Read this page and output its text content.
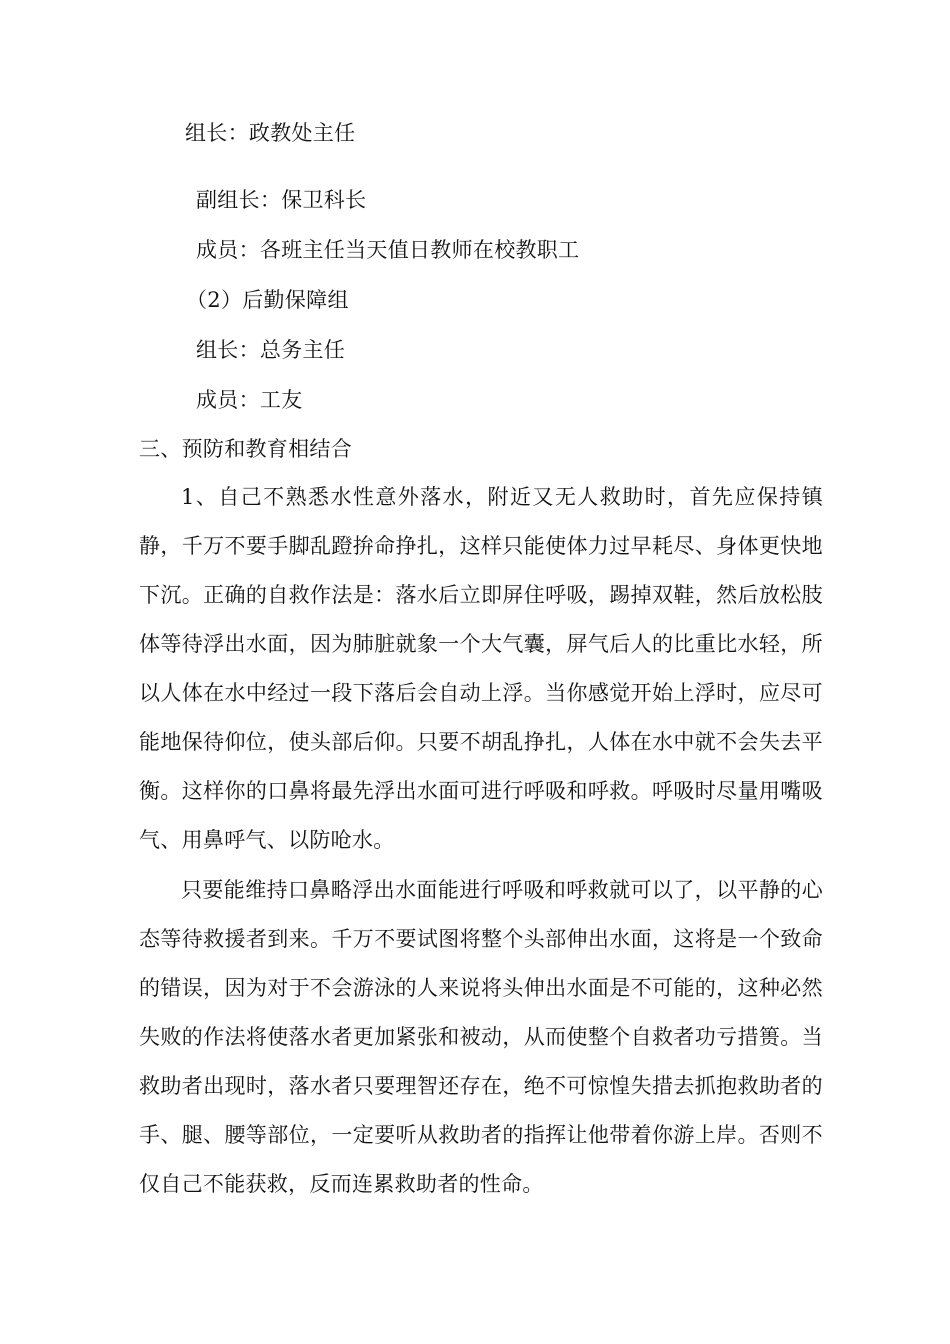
组长：政教处主任
副组长：保卫科长
成员：各班主任当天值日教师在校教职工
（2）后勤保障组
组长：总务主任
成员：工友
三、预防和教育相结合
1、自己不熟悉水性意外落水，附近又无人救助时，首先应保持镇静，千万不要手脚乱蹬拚命挣扎，这样只能使体力过早耗尽、身体更快地下沉。正确的自救作法是：落水后立即屏住呼吸，踢掉双鞋，然后放松肢体等待浮出水面，因为肺脏就象一个大气囊，屏气后人的比重比水轻，所以人体在水中经过一段下落后会自动上浮。当你感觉开始上浮时，应尽可能地保待仰位，使头部后仰。只要不胡乱挣扎，人体在水中就不会失去平衡。这样你的口鼻将最先浮出水面可进行呼吸和呼救。呼吸时尽量用嘴吸气、用鼻呼气、以防呛水。
只要能维持口鼻略浮出水面能进行呼吸和呼救就可以了，以平静的心态等待救援者到来。千万不要试图将整个头部伸出水面，这将是一个致命的错误，因为对于不会游泳的人来说将头伸出水面是不可能的，这种必然失败的作法将使落水者更加紧张和被动，从而使整个自救者功亏措篑。当救助者出现时，落水者只要理智还存在，绝不可惊惶失措去抓抱救助者的手、腿、腰等部位，一定要听从救助者的指挥让他带着你游上岸。否则不仅自己不能获救，反而连累救助者的性命。
